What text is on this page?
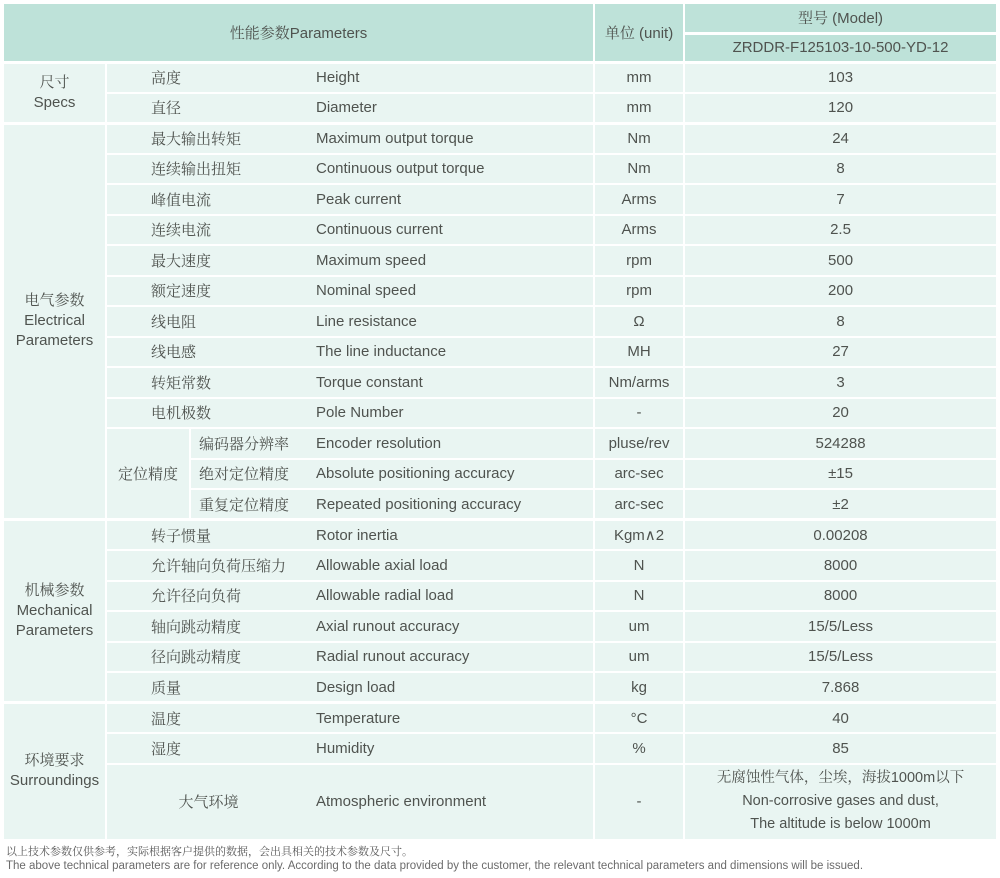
性能参数Parameters				单位 (unit)	型号 (Model)
					ZRDDR-F125103-10-500-YD-12

尺寸
Specs	高度		Height	mm	103
	直径		Diameter	mm	120

电气参数
Electrical Parameters	最大输出转矩		Maximum output torque	Nm	24
	连续输出扭矩		Continuous output torque	Nm	8
	峰值电流		Peak current	Arms	7
	连续电流		Continuous current	Arms	2.5
	最大速度		Maximum speed	rpm	500
	额定速度		Nominal speed	rpm	200
	线电阻		Line resistance	Ω	8
	线电感		The line inductance	MH	27
	转矩常数		Torque constant	Nm/arms	3
	电机极数		Pole Number	-	20
	定位精度	编码器分辨率	Encoder resolution	pluse/rev	524288
		绝对定位精度	Absolute positioning accuracy	arc-sec	±15
		重复定位精度	Repeated positioning accuracy	arc-sec	±2

机械参数
Mechanical Parameters	转子惯量		Rotor inertia	Kgm∧2	0.00208
	允许轴向负荷压缩力		Allowable axial load	N	8000
	允许径向负荷		Allowable radial load	N	8000
	轴向跳动精度		Axial runout accuracy	um	15/5/Less
	径向跳动精度		Radial runout accuracy	um	15/5/Less
	质量		Design load	kg	7.868

环境要求
Surroundings	温度		Temperature	°C	40
	湿度		Humidity	%	85
	大气环境		Atmospheric environment	-	无腐蚀性气体，尘埃，海拔1000m以下
Non-corrosive gases and dust,
The altitude is below 1000m
以上技术参数仅供参考，实际根据客户提供的数据，会出具相关的技术参数及尺寸。
The above technical parameters are for reference only. According to the data provided by the customer, the relevant technical parameters and dimensions will be issued.
